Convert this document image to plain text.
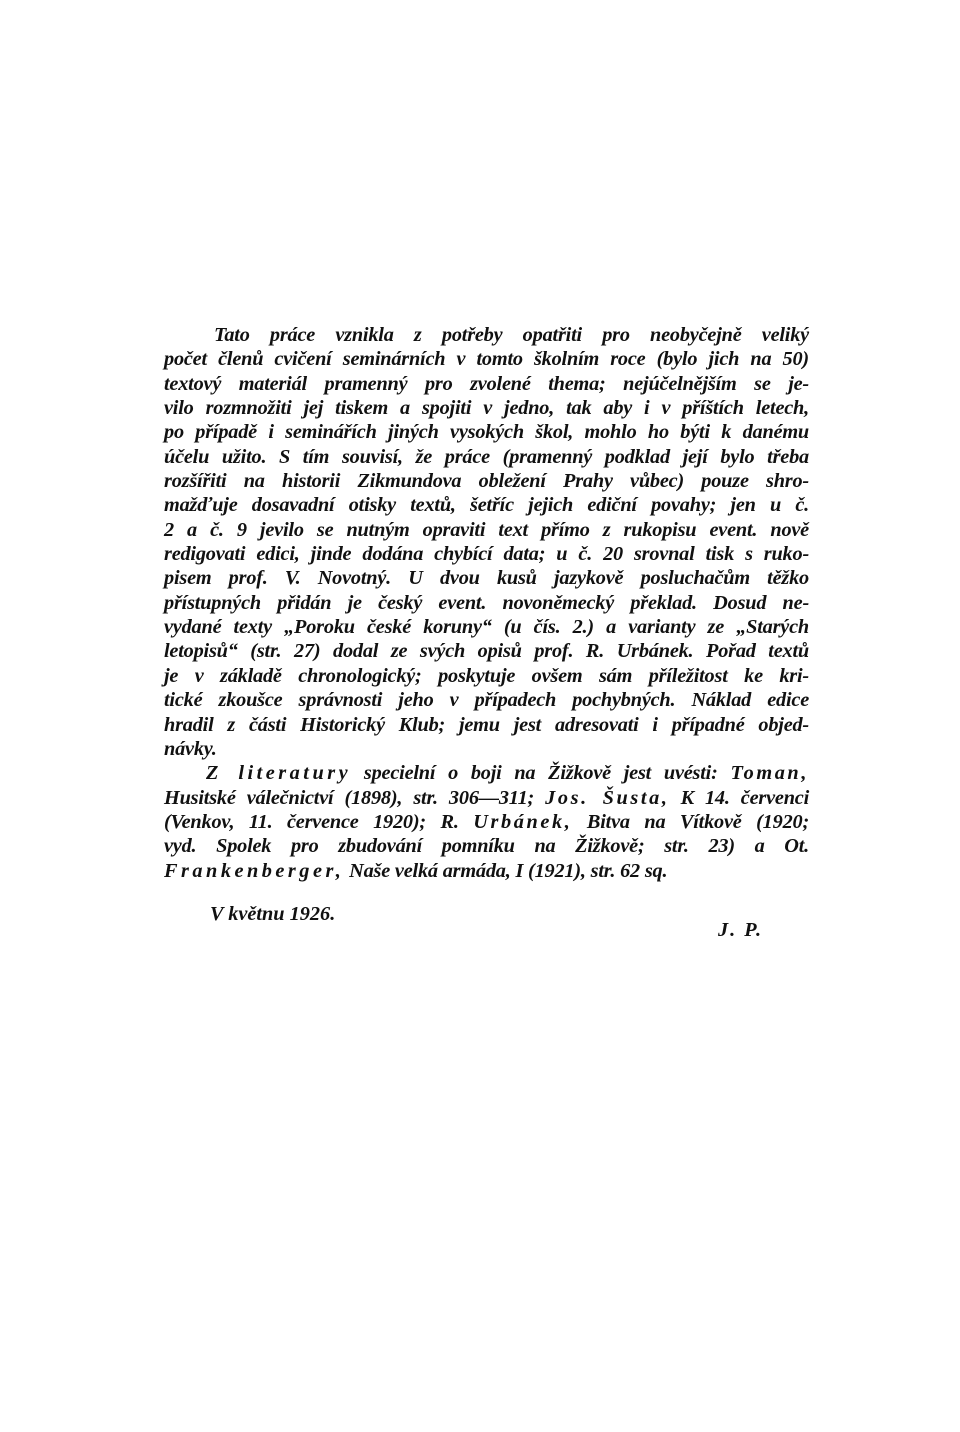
Tato práce vznikla z potřeby opatřiti pro neobyčejně veliký
počet členů cvičení seminárních v tomto školním roce (bylo jich na 50)
textový materiál pramenný pro zvolené thema; nejúčelnějším se je-
vilo rozmnožiti jej tiskem a spojiti v jedno, tak aby i v příštích letech,
po případě i seminářích jiných vysokých škol, mohlo ho býti k danému
účelu užito. S tím souvisí, že práce (pramenný podklad její bylo třeba
rozšířiti na historii Zikmundova obležení Prahy vůbec) pouze shro-
mažďuje dosavadní otisky textů, šetříc jejich ediční povahy; jen u č.
2 a č. 9 jevilo se nutným opraviti text přímo z rukopisu event. nově
redigovati edici, jinde dodána chybící data; u č. 20 srovnal tisk s ruko-
pisem prof. V. Novotný. U dvou kusů jazykově posluchačům těžko
přístupných přidán je český event. novoněmecký překlad. Dosud ne-
vydané texty „Poroku české koruny“ (u čís. 2.) a varianty ze „Starých
letopisů“ (str. 27) dodal ze svých opisů prof. R. Urbánek. Pořad textů
je v základě chronologický; poskytuje ovšem sám příležitost ke kri-
tické zkoušce správnosti jeho v případech pochybných. Náklad edice
hradil z části Historický Klub; jemu jest adresovati i případné objed-
návky.
Z literatury specielní o boji na Žižkově jest uvésti: Toman,
Husitské válečnictví (1898), str. 306—311; Jos. Šusta, K 14. červenci
(Venkov, 11. července 1920); R. Urbánek, Bitva na Vítkově (1920;
vyd. Spolek pro zbudování pomníku na Žižkově; str. 23) a Ot.
Frankenberger, Naše velká armáda, I (1921), str. 62 sq.
V květnu 1926.
J. P.
